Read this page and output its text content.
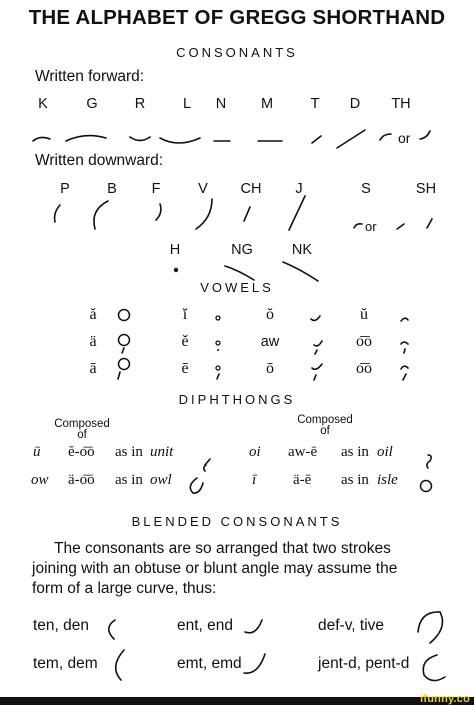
THE ALPHABET OF GREGG SHORTHAND
CONSONANTS
Written forward:
K	G	R	L N M	T D TH
or
Written downward:
P	B F	V CH J	S	SH
or
H	NG	NK
VOWELS
ă	ĭ	ŏ	ŭ
ä	ě	aw	o͞o
ā	ē	ō	o͞o
DIPHTHONGS
Composed of
Composed of
ū ĕ-o͞o as in unit
ow ä-o͞o as in owl
oi aw-ē as in oil
ī ä-ē as in isle
BLENDED CONSONANTS
The consonants are so arranged that two strokes
joining with an obtuse or blunt angle may assume the
form of a large curve, thus:
ten, den	ent, end	def-v, tive
tem, dem	emt, emd	jent-d, pent-d
ifunny.co
